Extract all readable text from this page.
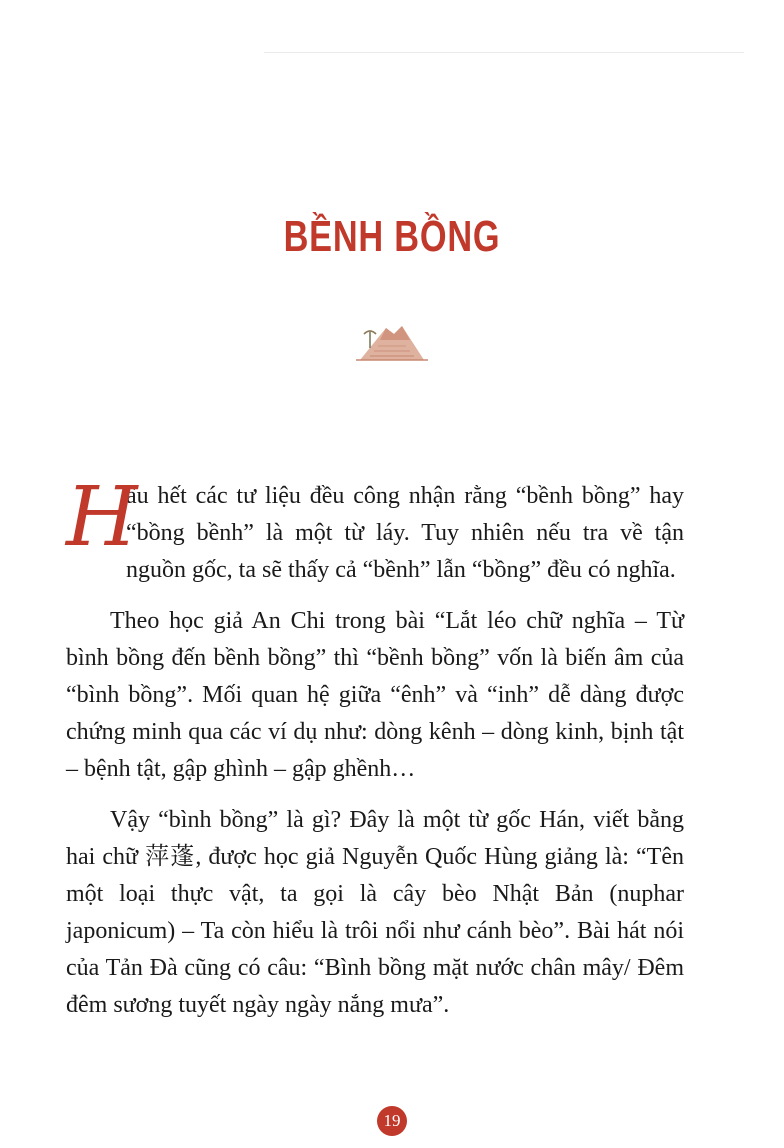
BỀNH BỒNG

H
ầu hết các tư liệu đều công nhận rằng “bềnh bồng” hay “bồng bềnh” là một từ láy. Tuy nhiên nếu tra về tận nguồn gốc, ta sẽ thấy cả “bềnh” lẫn “bồng” đều có nghĩa.

Theo học giả An Chi trong bài “Lắt léo chữ nghĩa – Từ bình bồng đến bềnh bồng” thì “bềnh bồng” vốn là biến âm của “bình bồng”. Mối quan hệ giữa “ênh” và “inh” dễ dàng được chứng minh qua các ví dụ như: dòng kênh – dòng kinh, bịnh tật – bệnh tật, gập ghình – gập ghềnh…

Vậy “bình bồng” là gì? Đây là một từ gốc Hán, viết bằng hai chữ 萍蓬, được học giả Nguyễn Quốc Hùng giảng là: “Tên một loại thực vật, ta gọi là cây bèo Nhật Bản (nuphar japonicum) – Ta còn hiểu là trôi nổi như cánh bèo”. Bài hát nói của Tản Đà cũng có câu: “Bình bồng mặt nước chân mây/ Đêm đêm sương tuyết ngày ngày nắng mưa”.

19
